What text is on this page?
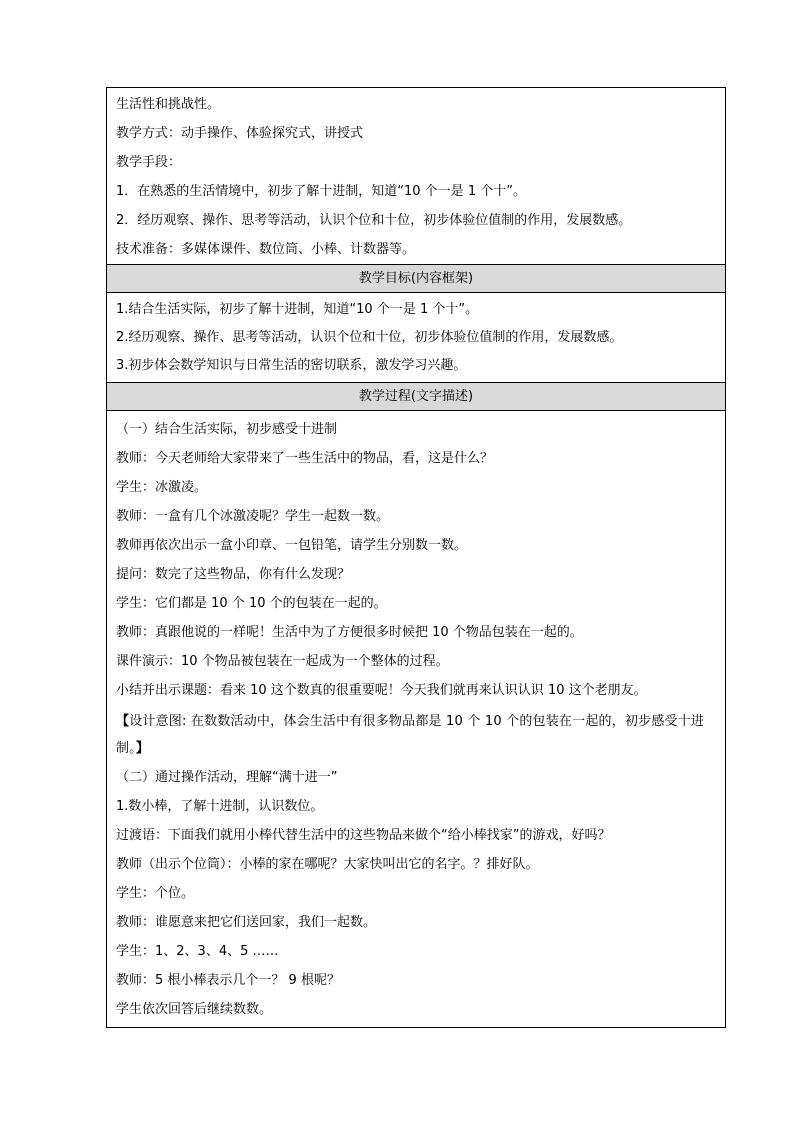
生活性和挑战性。
教学方式：动手操作、体验探究式，讲授式
教学手段：
1．在熟悉的生活情境中，初步了解十进制，知道“10 个一是 1 个十”。
2．经历观察、操作、思考等活动，认识个位和十位，初步体验位值制的作用，发展数感。
技术准备：多媒体课件、数位筒、小棒、计数器等。
教学目标(内容框架)
1.结合生活实际，初步了解十进制，知道“10 个一是 1 个十”。
2.经历观察、操作、思考等活动，认识个位和十位，初步体验位值制的作用，发展数感。
3.初步体会数学知识与日常生活的密切联系，激发学习兴趣。
教学过程(文字描述)
（一）结合生活实际，初步感受十进制
教师：今天老师给大家带来了一些生活中的物品，看，这是什么？
学生：冰激凌。
教师：一盒有几个冰激凌呢？学生一起数一数。
教师再依次出示一盒小印章、一包铅笔，请学生分别数一数。
提问：数完了这些物品，你有什么发现？
学生：它们都是 10 个 10 个的包装在一起的。
教师：真跟他说的一样呢！生活中为了方便很多时候把 10 个物品包装在一起的。
课件演示：10 个物品被包装在一起成为一个整体的过程。
小结并出示课题：看来 10 这个数真的很重要呢！今天我们就再来认识认识 10 这个老朋友。
【设计意图: 在数数活动中，体会生活中有很多物品都是 10 个 10 个的包装在一起的，初步感受十进制。】
（二）通过操作活动，理解“满十进一”
1.数小棒，了解十进制，认识数位。
过渡语：下面我们就用小棒代替生活中的这些物品来做个“给小棒找家”的游戏，好吗？
教师（出示个位筒）：小棒的家在哪呢？大家快叫出它的名字。？排好队。
学生：个位。
教师：谁愿意来把它们送回家，我们一起数。
学生：1、2、3、4、5 ……
教师：5 根小棒表示几个一？ 9 根呢？
学生依次回答后继续数数。
